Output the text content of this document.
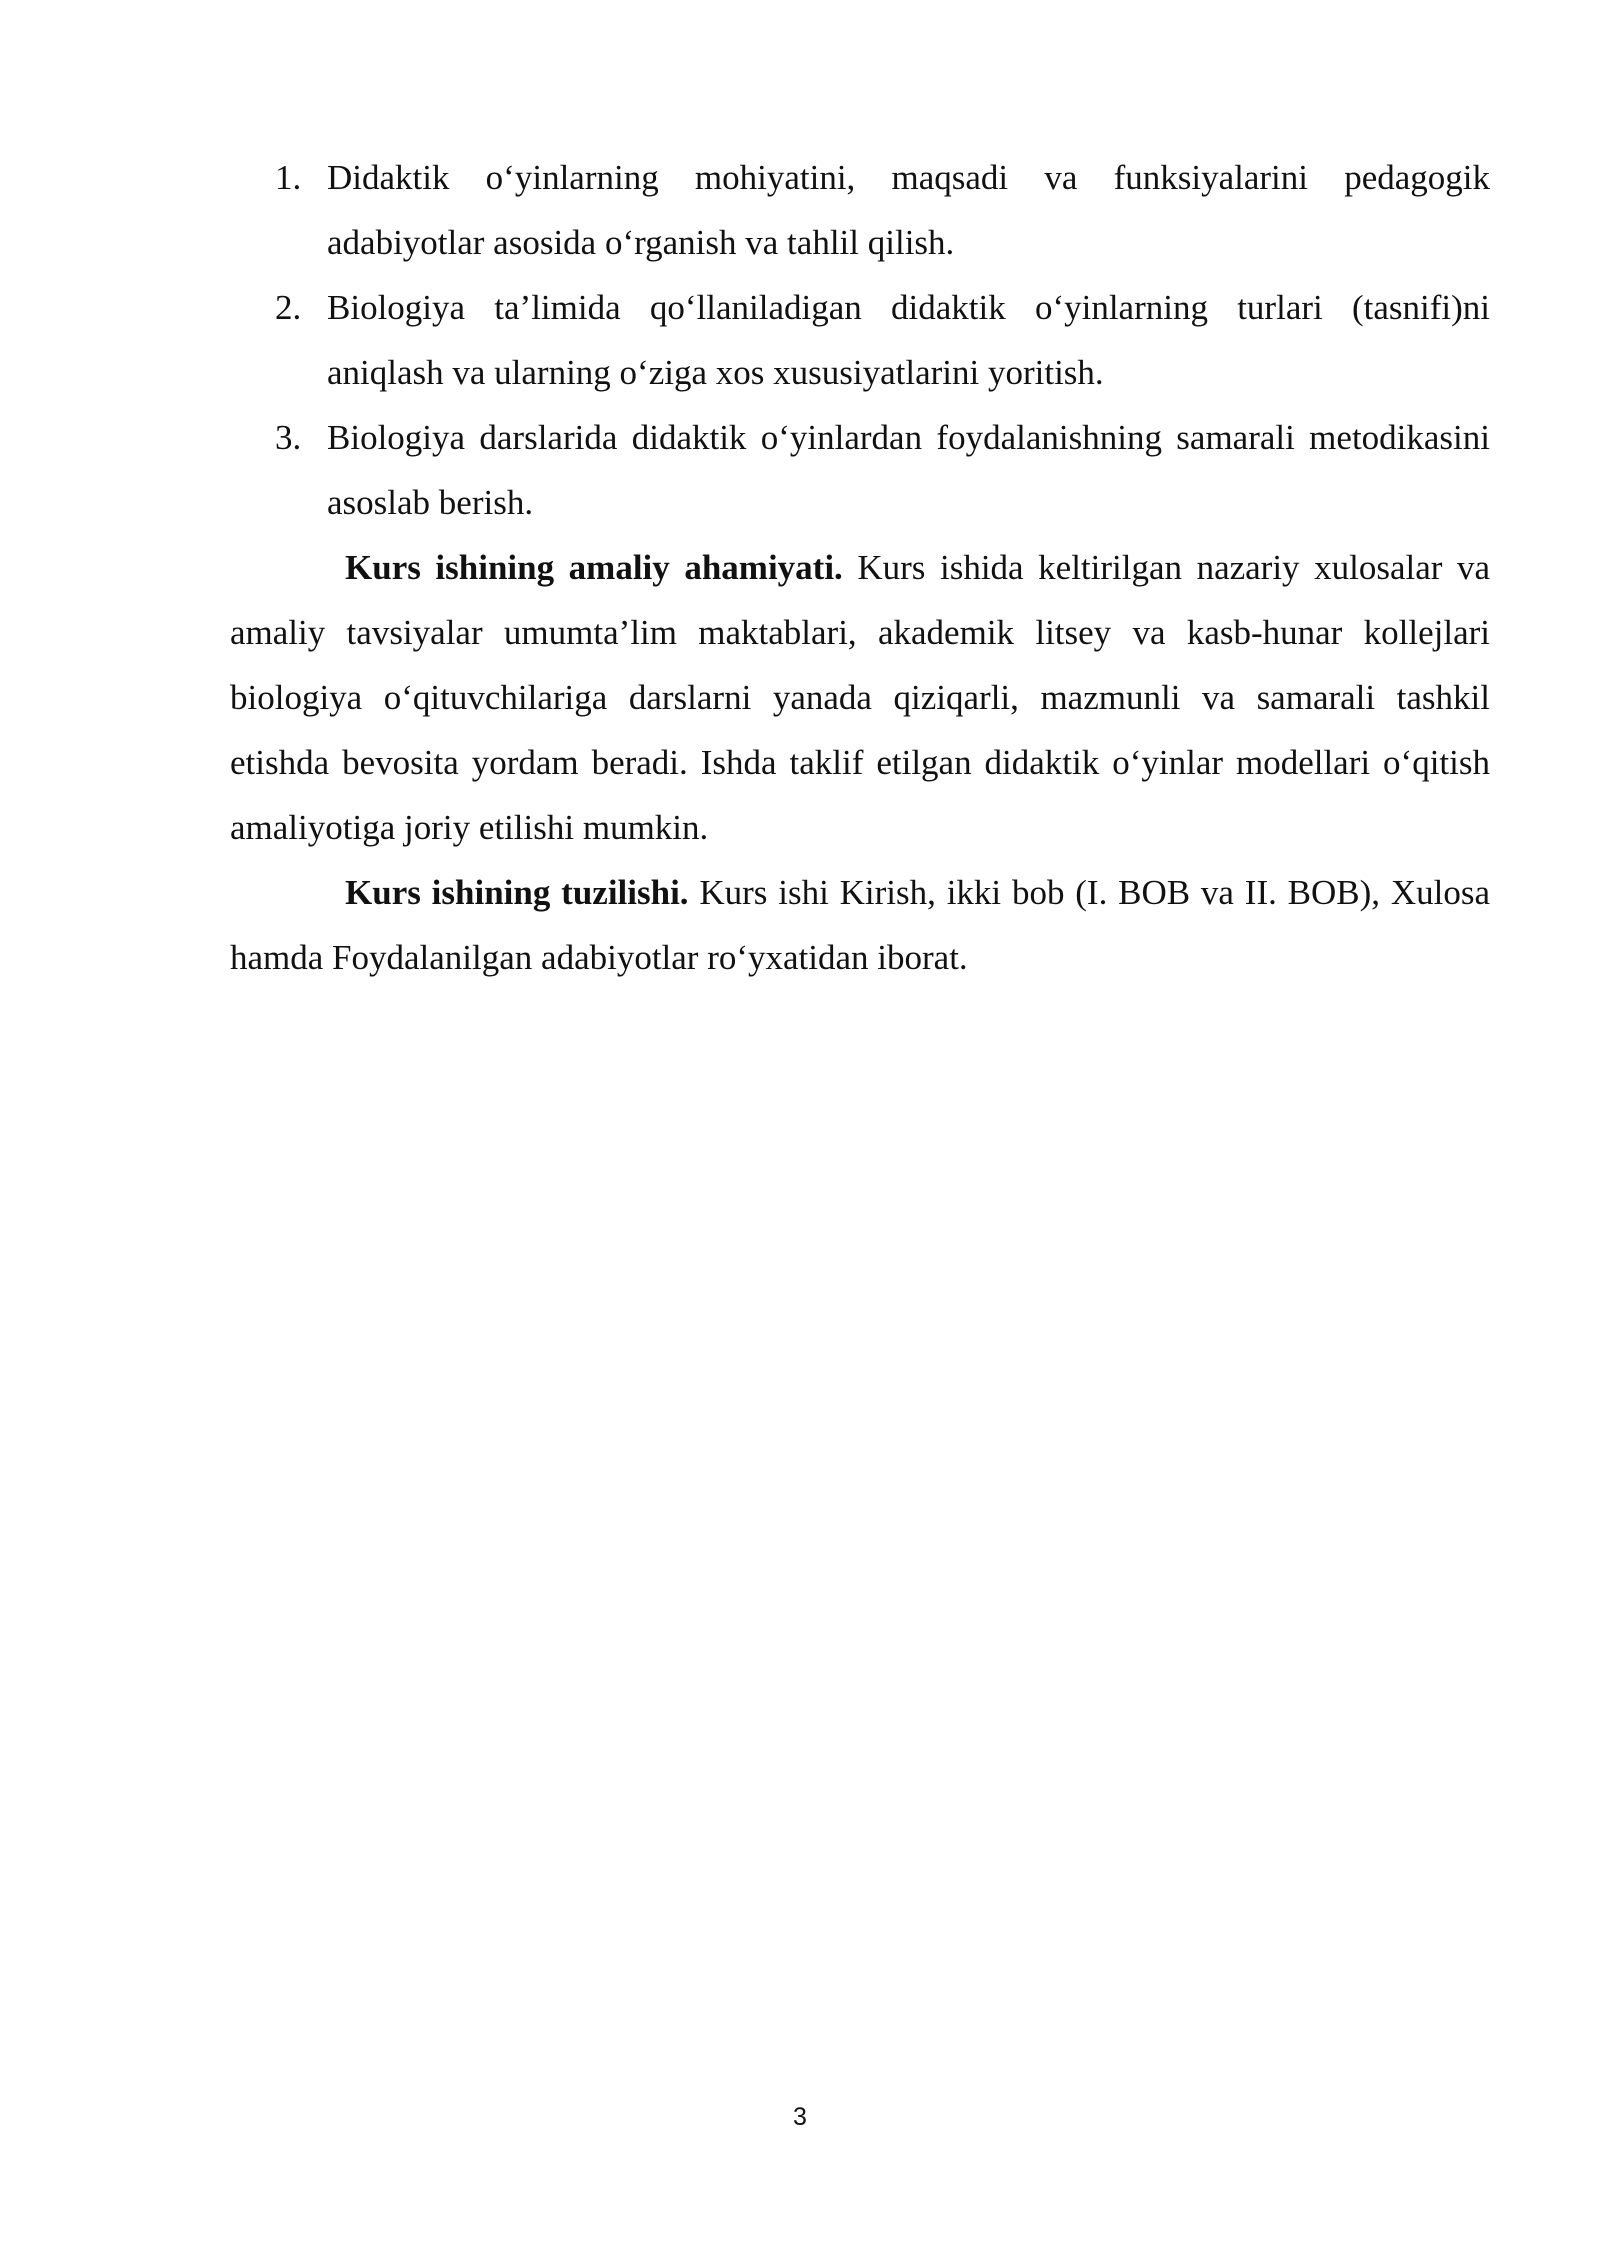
1. Didaktik o‘yinlarning mohiyatini, maqsadi va funksiyalarini pedagogik adabiyotlar asosida o‘rganish va tahlil qilish.
2. Biologiya ta’limida qo‘llaniladigan didaktik o‘yinlarning turlari (tasnifi)ni aniqlash va ularning o‘ziga xos xususiyatlarini yoritish.
3. Biologiya darslarida didaktik o‘yinlardan foydalanishning samarali metodikasini asoslab berish.

Kurs ishining amaliy ahamiyati. Kurs ishida keltirilgan nazariy xulosalar va amaliy tavsiyalar umumta’lim maktablari, akademik litsey va kasb-hunar kollejlari biologiya o‘qituvchilariga darslarni yanada qiziqarli, mazmunli va samarali tashkil etishda bevosita yordam beradi. Ishda taklif etilgan didaktik o‘yinlar modellari o‘qitish amaliyotiga joriy etilishi mumkin.

Kurs ishining tuzilishi. Kurs ishi Kirish, ikki bob (I. BOB va II. BOB), Xulosa hamda Foydalanilgan adabiyotlar ro‘yxatidan iborat.

3
